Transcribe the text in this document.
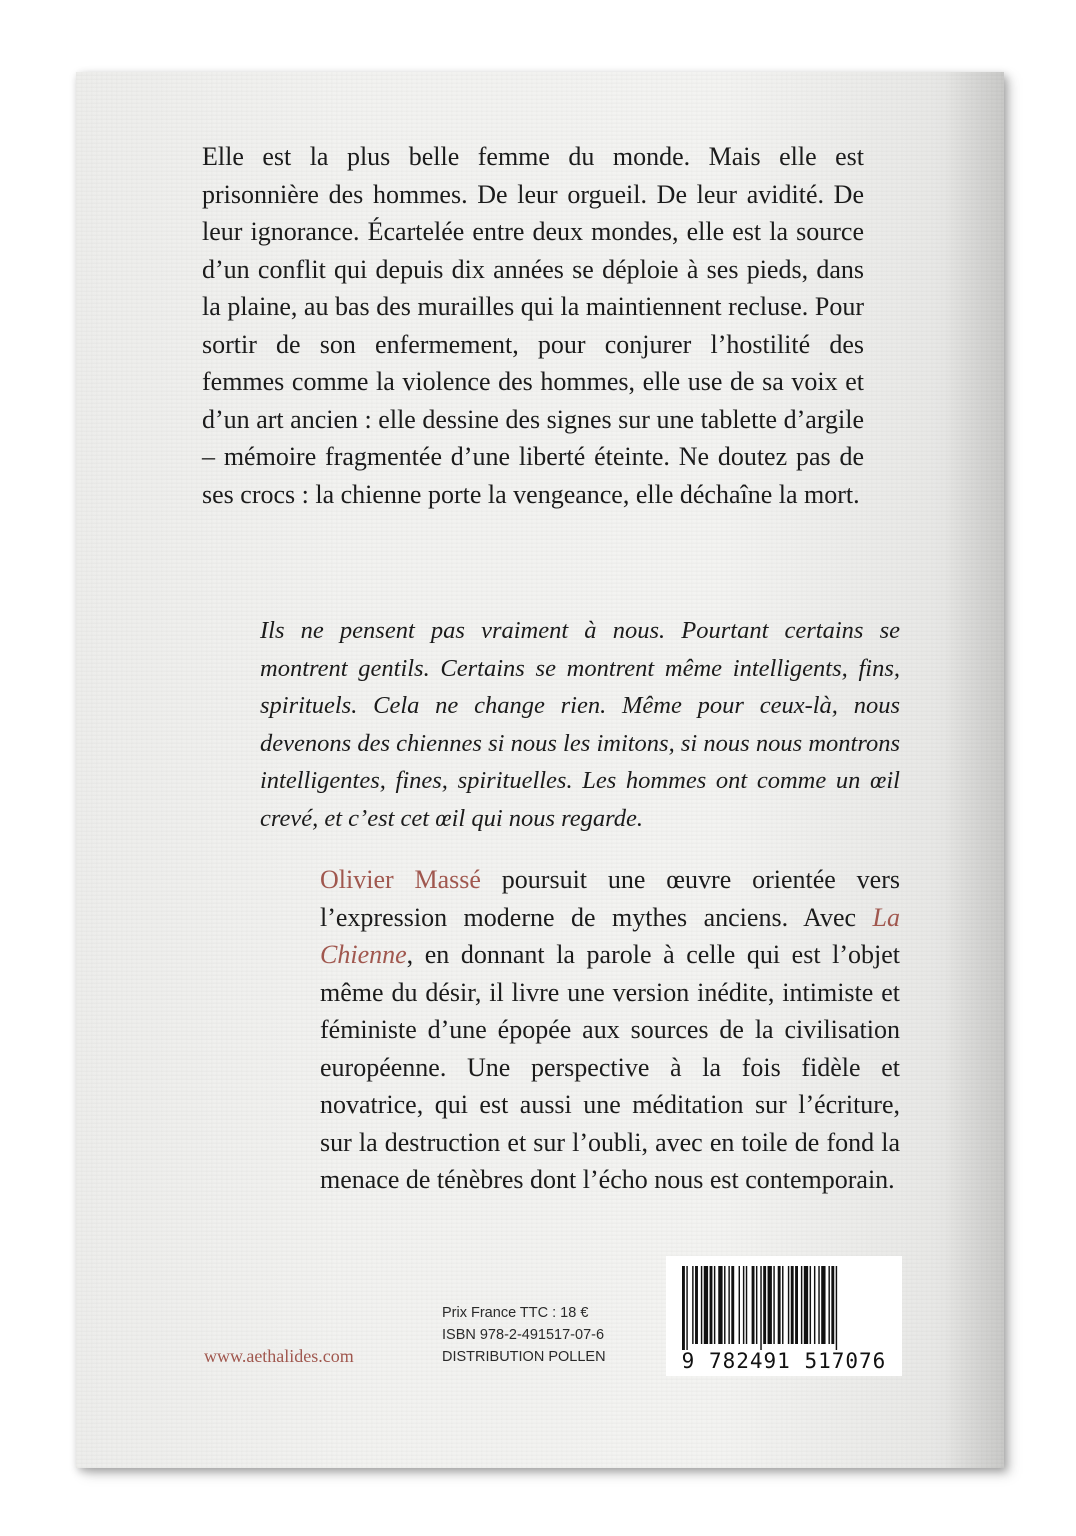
Elle est la plus belle femme du monde. Mais elle est prisonnière des hommes. De leur orgueil. De leur avidité. De leur ignorance. Écartelée entre deux mondes, elle est la source d’un conflit qui depuis dix années se déploie à ses pieds, dans la plaine, au bas des murailles qui la maintiennent recluse. Pour sortir de son enfermement, pour conjurer l’hostilité des femmes comme la violence des hommes, elle use de sa voix et d’un art ancien : elle dessine des signes sur une tablette d’argile – mémoire fragmentée d’une liberté éteinte. Ne doutez pas de ses crocs : la chienne porte la vengeance, elle déchaîne la mort.

Ils ne pensent pas vraiment à nous. Pourtant certains se montrent gentils. Certains se montrent même intelligents, fins, spirituels. Cela ne change rien. Même pour ceux-là, nous devenons des chiennes si nous les imitons, si nous nous montrons intelligentes, fines, spirituelles. Les hommes ont comme un œil crevé, et c’est cet œil qui nous regarde.

Olivier Massé poursuit une œuvre orientée vers l’expression moderne de mythes anciens. Avec La Chienne, en donnant la parole à celle qui est l’objet même du désir, il livre une version inédite, intimiste et féministe d’une épopée aux sources de la civilisation européenne. Une perspective à la fois fidèle et novatrice, qui est aussi une méditation sur l’écriture, sur la destruction et sur l’oubli, avec en toile de fond la menace de ténèbres dont l’écho nous est contemporain.

www.aethalides.com

Prix France TTC : 18 €
ISBN 978-2-491517-07-6
DISTRIBUTION POLLEN	9 782491 517076
